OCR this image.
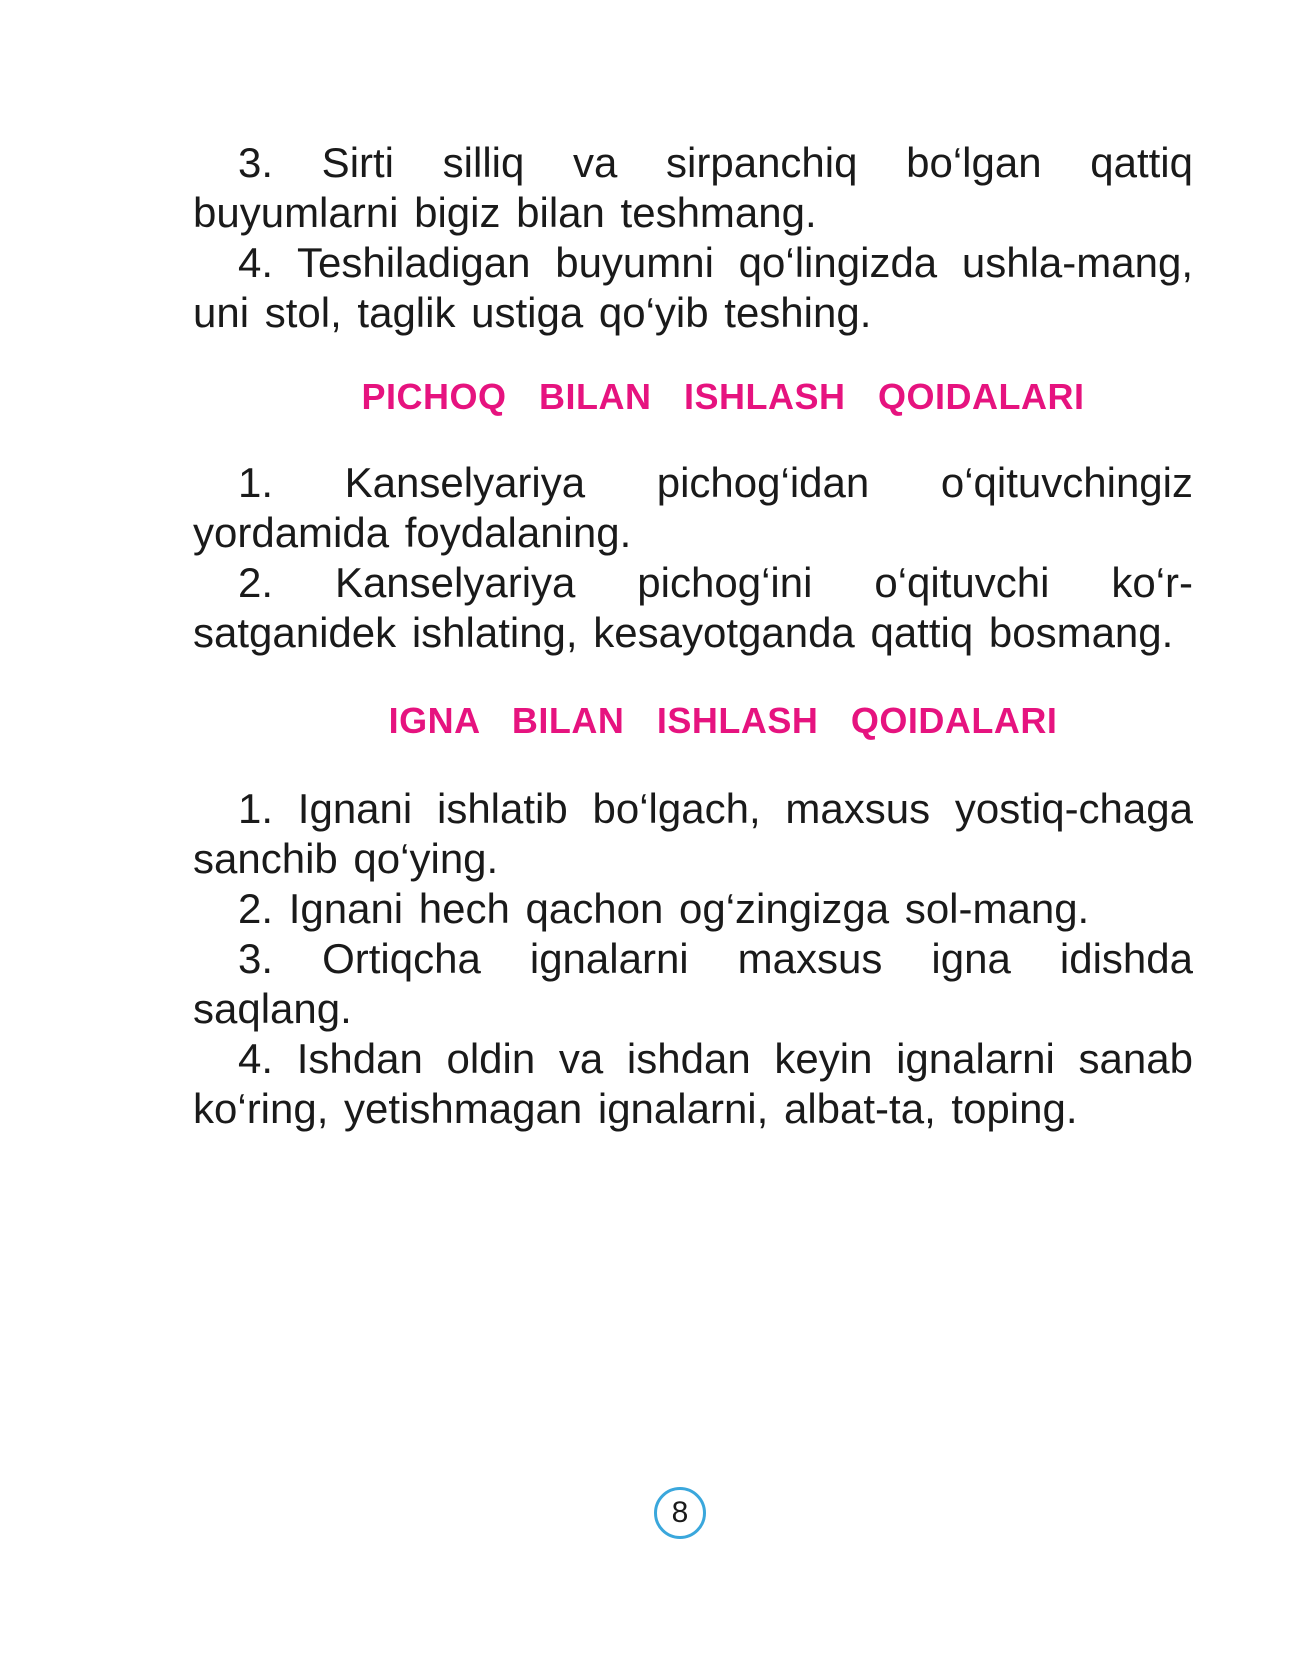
3. Sirti silliq va sirpanchiq bo‘lgan qattiq buyumlarni bigiz bilan teshmang.

4. Teshiladigan buyumni qo‘lingizda ushla-mang, uni stol, taglik ustiga qo‘yib teshing.

PICHOQ BILAN ISHLASH QOIDALARI

1. Kanselyariya pichog‘idan o‘qituvchingiz yordamida foydalaning.

2. Kanselyariya pichog‘ini o‘qituvchi ko‘r-satganidek ishlating, kesayotganda qattiq bosmang.

IGNA BILAN ISHLASH QOIDALARI

1. Ignani ishlatib bo‘lgach, maxsus yostiq-chaga sanchib qo‘ying.

2. Ignani hech qachon og‘zingizga sol-mang.

3. Ortiqcha ignalarni maxsus igna idishda saqlang.

4. Ishdan oldin va ishdan keyin ignalarni sanab ko‘ring, yetishmagan ignalarni, albat-ta, toping.

8
